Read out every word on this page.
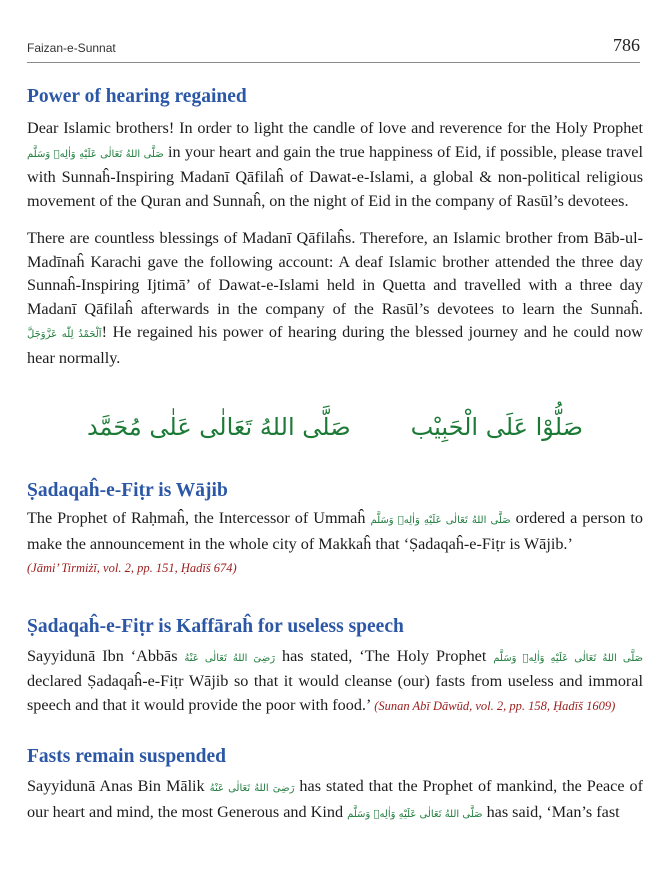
Faizan-e-Sunnat	786
Power of hearing regained

Dear Islamic brothers! In order to light the candle of love and reverence for the Holy Prophet صَلَّى اللهُ تَعَالٰى عَلَيْهِ وَاٰلِهٖ وَسَلَّم in your heart and gain the true happiness of Eid, if possible, please travel with Sunnaĥ-Inspiring Madanī Qāfilaĥ of Dawat-e-Islami, a global & non-political religious movement of the Quran and Sunnaĥ, on the night of Eid in the company of Rasūl’s devotees.

There are countless blessings of Madanī Qāfilaĥs. Therefore, an Islamic brother from Bāb-ul-Madīnaĥ Karachi gave the following account: A deaf Islamic brother attended the three day Sunnaĥ-Inspiring Ijtimā’ of Dawat-e-Islami held in Quetta and travelled with a three day Madanī Qāfilaĥ afterwards in the company of the Rasūl’s devotees to learn the Sunnaĥ. اَلْحَمْدُ لِلّٰه عَزَّوَجَلَّ! He regained his power of hearing during the blessed journey and he could now hear normally.

صَلَّى اللهُ تَعَالٰى عَلٰى مُحَمَّد	صَلُّوْا عَلَى الْحَبِيْب
Ṣadaqaĥ-e-Fiṭr is Wājib

The Prophet of Raḥmaĥ, the Intercessor of Ummaĥ صَلَّى اللهُ تَعَالٰى عَلَيْهِ وَاٰلِهٖ وَسَلَّم ordered a person to make the announcement in the whole city of Makkaĥ that ‘Ṣadaqaĥ-e-Fiṭr is Wājib.’
(Jāmi’ Tirmiżī, vol. 2, pp. 151, Ḥadīš 674)

Ṣadaqaĥ-e-Fiṭr is Kaffāraĥ for useless speech

Sayyidunā Ibn ‘Abbās رَضِیَ اللهُ تَعَالٰی عَنْهُ has stated, ‘The Holy Prophet صَلَّى اللهُ تَعَالٰى عَلَيْهِ وَاٰلِهٖ وَسَلَّم declared Ṣadaqaĥ-e-Fiṭr Wājib so that it would cleanse (our) fasts from useless and immoral speech and that it would provide the poor with food.’ (Sunan Abī Dāwūd, vol. 2, pp. 158, Ḥadīš 1609)

Fasts remain suspended

Sayyidunā Anas Bin Mālik رَضِیَ اللهُ تَعَالٰی عَنْهُ has stated that the Prophet of mankind, the Peace of our heart and mind, the most Generous and Kind صَلَّى اللهُ تَعَالٰى عَلَيْهِ وَاٰلِهٖ وَسَلَّم has said, ‘Man’s fast
